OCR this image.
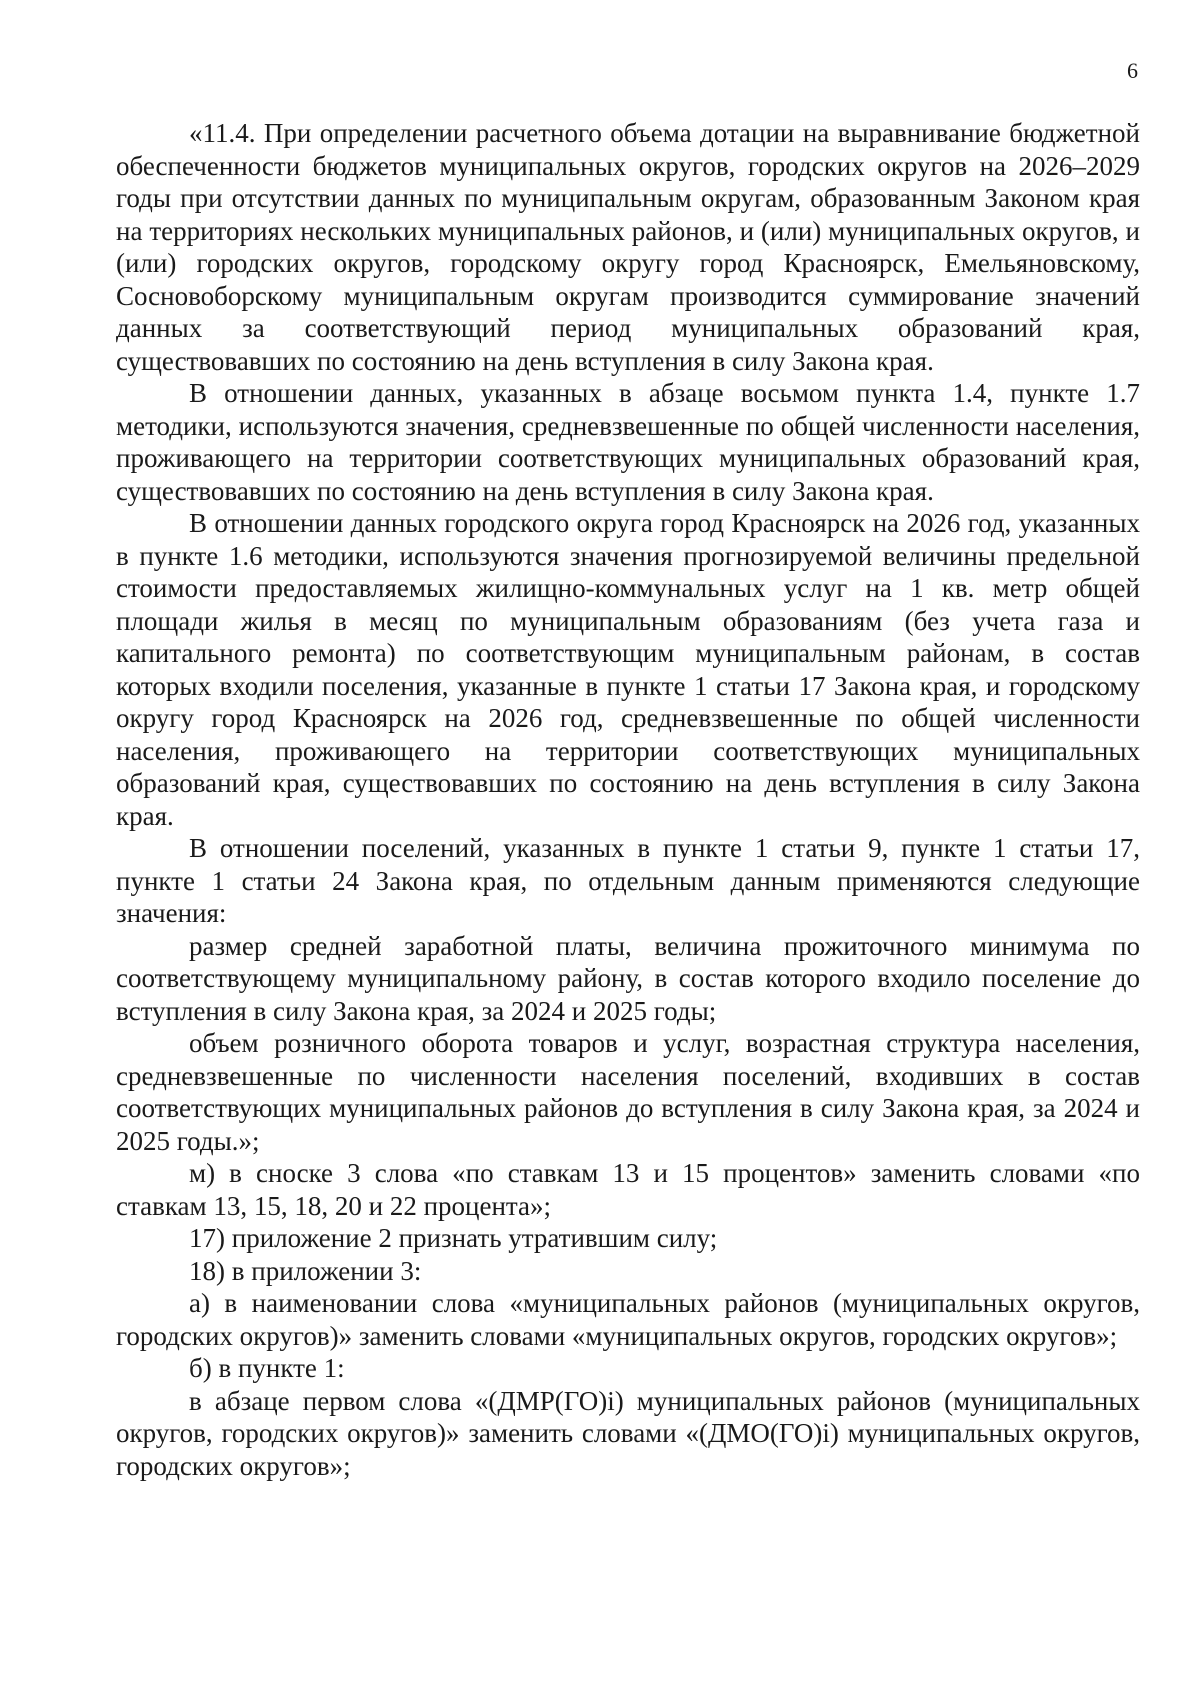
6

«11.4. При определении расчетного объема дотации на выравнивание бюджетной обеспеченности бюджетов муниципальных округов, городских округов на 2026–2029 годы при отсутствии данных по муниципальным округам, образованным Законом края на территориях нескольких муниципальных районов, и (или) муниципальных округов, и (или) городских округов, городскому округу город Красноярск, Емельяновскому, Сосновоборскому муниципальным округам производится суммирование значений данных за соответствующий период муниципальных образований края, существовавших по состоянию на день вступления в силу Закона края.

В отношении данных, указанных в абзаце восьмом пункта 1.4, пункте 1.7 методики, используются значения, средневзвешенные по общей численности населения, проживающего на территории соответствующих муниципальных образований края, существовавших по состоянию на день вступления в силу Закона края.

В отношении данных городского округа город Красноярск на 2026 год, указанных в пункте 1.6 методики, используются значения прогнозируемой величины предельной стоимости предоставляемых жилищно-коммунальных услуг на 1 кв. метр общей площади жилья в месяц по муниципальным образованиям (без учета газа и капитального ремонта) по соответствующим муниципальным районам, в состав которых входили поселения, указанные в пункте 1 статьи 17 Закона края, и городскому округу город Красноярск на 2026 год, средневзвешенные по общей численности населения, проживающего на территории соответствующих муниципальных образований края, существовавших по состоянию на день вступления в силу Закона края.

В отношении поселений, указанных в пункте 1 статьи 9, пункте 1 статьи 17, пункте 1 статьи 24 Закона края, по отдельным данным применяются следующие значения:

размер средней заработной платы, величина прожиточного минимума по соответствующему муниципальному району, в состав которого входило поселение до вступления в силу Закона края, за 2024 и 2025 годы;

объем розничного оборота товаров и услуг, возрастная структура населения, средневзвешенные по численности населения поселений, входивших в состав соответствующих муниципальных районов до вступления в силу Закона края, за 2024 и 2025 годы.»;

м) в сноске 3 слова «по ставкам 13 и 15 процентов» заменить словами «по ставкам 13, 15, 18, 20 и 22 процента»;

17) приложение 2 признать утратившим силу;

18) в приложении 3:

а) в наименовании слова «муниципальных районов (муниципальных округов, городских округов)» заменить словами «муниципальных округов, городских округов»;

б) в пункте 1:

в абзаце первом слова «(ДМР(ГО)i) муниципальных районов (муниципальных округов, городских округов)» заменить словами «(ДМО(ГО)i) муниципальных округов, городских округов»;
